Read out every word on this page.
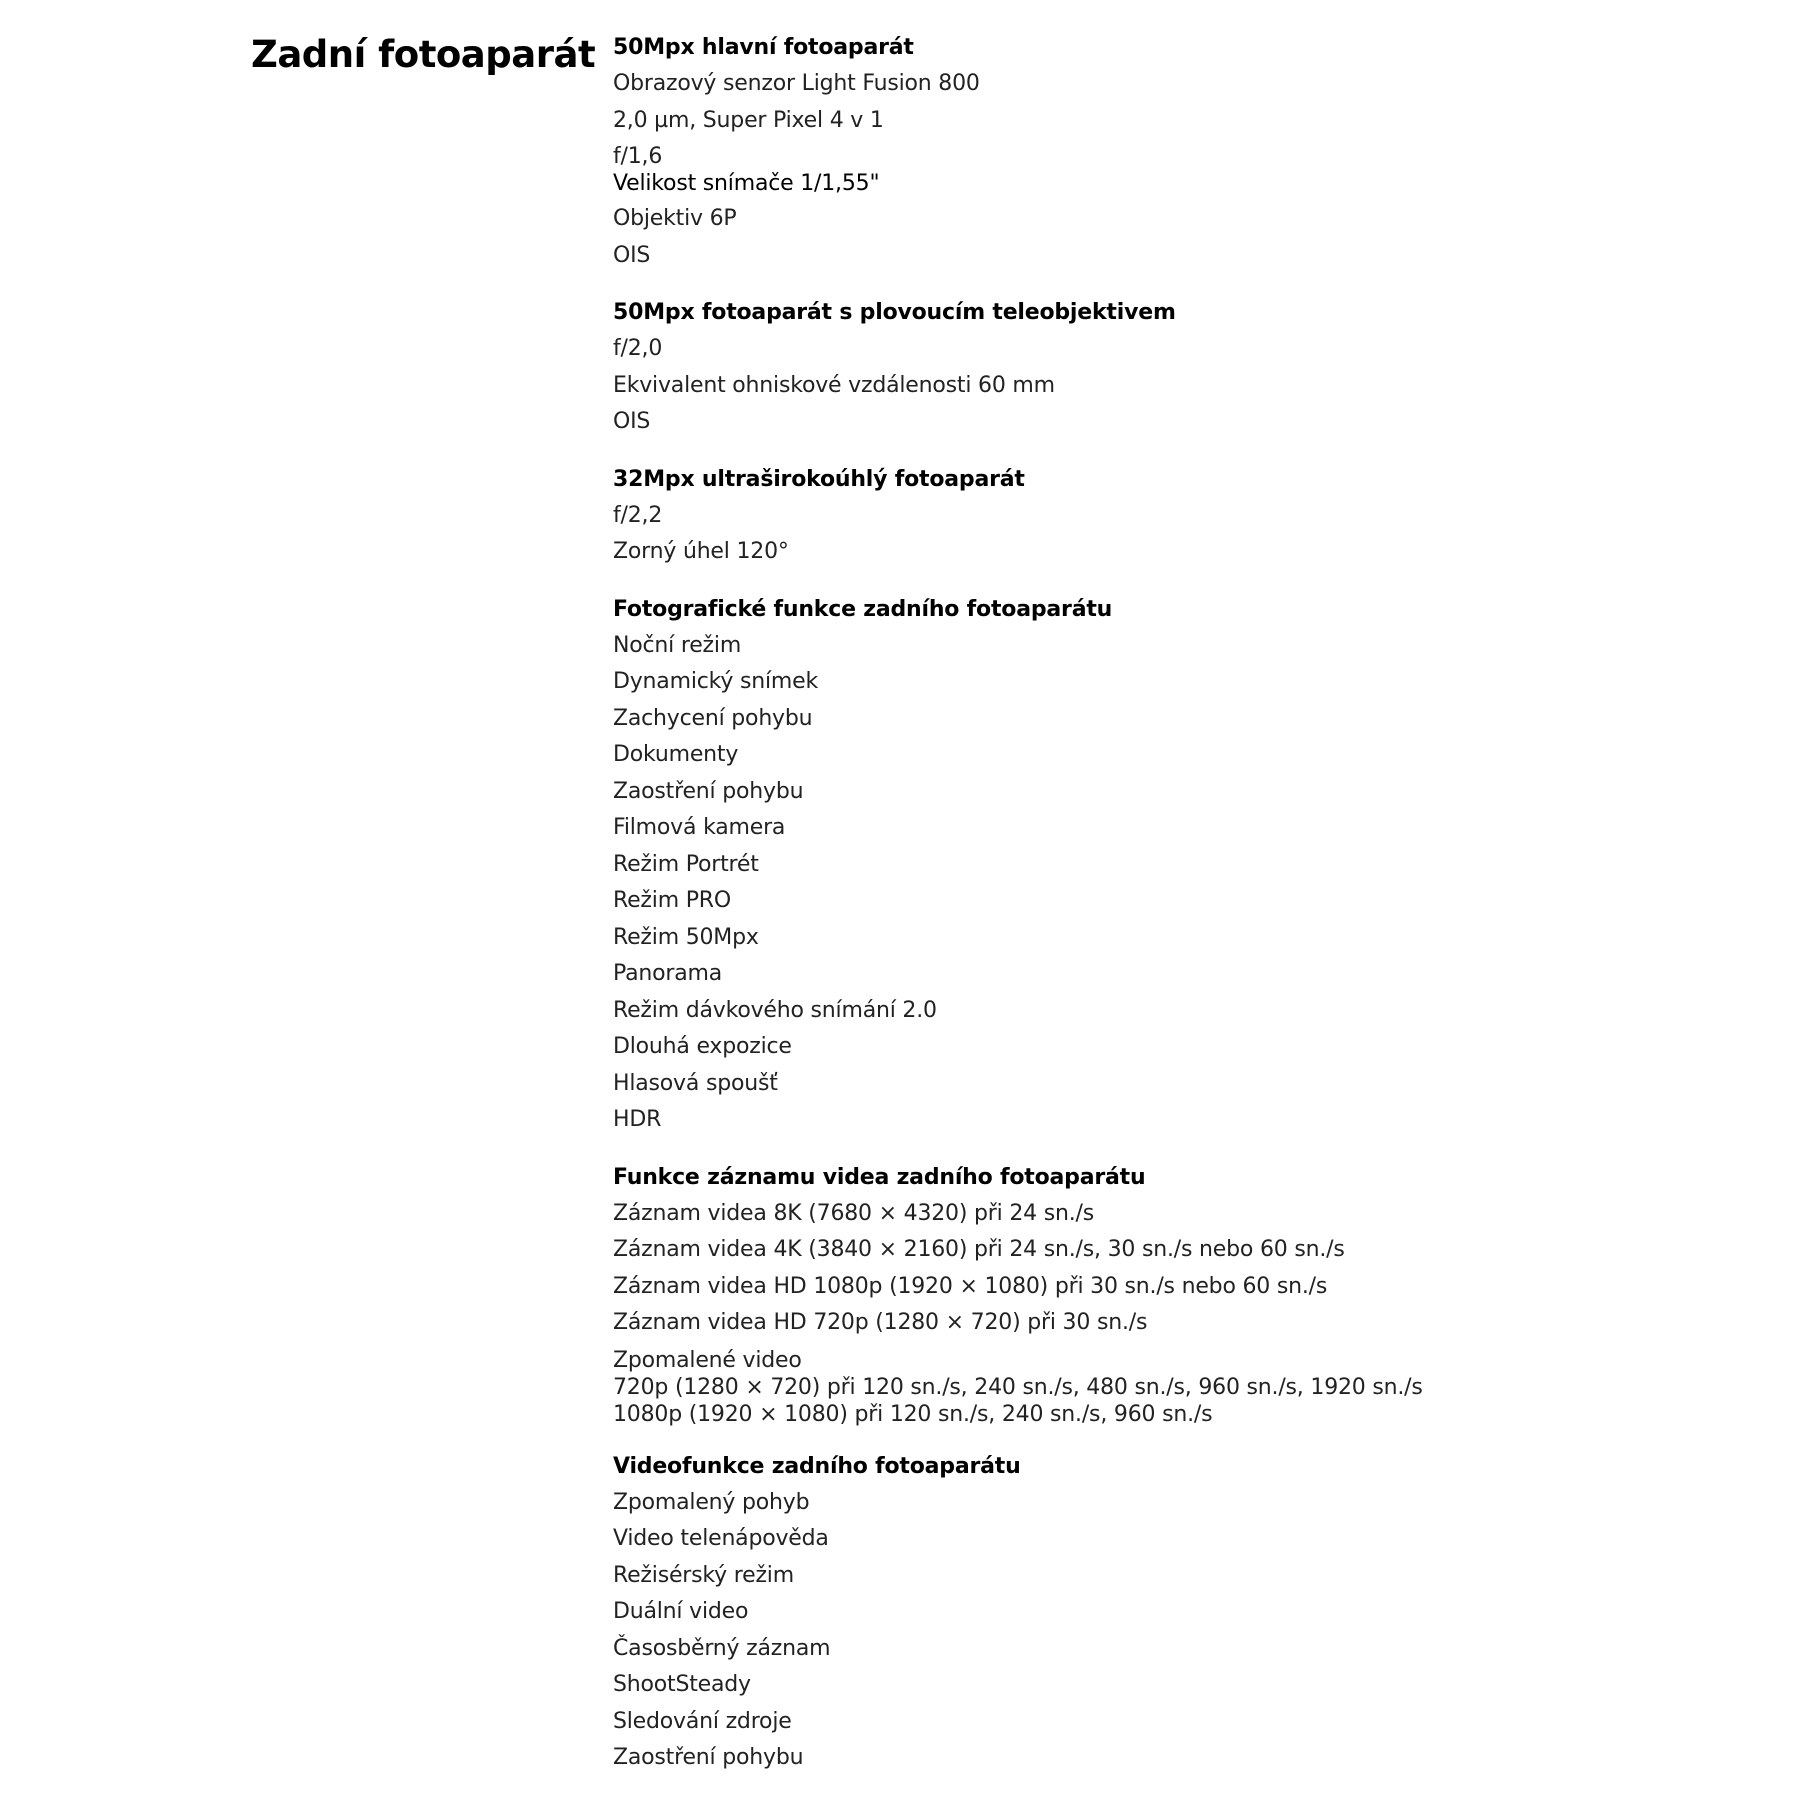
Zadní fotoaparát 50Mpx hlavní fotoaparát
Obrazový senzor Light Fusion 800
2,0 µm, Super Pixel 4 v 1
f/1,6
Velikost snímače 1/1,55"
Objektiv 6P
OIS
50Mpx fotoaparát s plovoucím teleobjektivem
f/2,0
Ekvivalent ohniskové vzdálenosti 60 mm
OIS
32Mpx ultraširokoúhlý fotoaparát
f/2,2
Zorný úhel 120°
Fotografické funkce zadního fotoaparátu
Noční režim
Dynamický snímek
Zachycení pohybu
Dokumenty
Zaostření pohybu
Filmová kamera
Režim Portrét
Režim PRO
Režim 50Mpx
Panorama
Režim dávkového snímání 2.0
Dlouhá expozice
Hlasová spoušť
HDR
Funkce záznamu videa zadního fotoaparátu
Záznam videa 8K (7680 × 4320) při 24 sn./s
Záznam videa 4K (3840 × 2160) při 24 sn./s, 30 sn./s nebo 60 sn./s
Záznam videa HD 1080p (1920 × 1080) při 30 sn./s nebo 60 sn./s
Záznam videa HD 720p (1280 × 720) při 30 sn./s
Zpomalené video
720p (1280 × 720) při 120 sn./s, 240 sn./s, 480 sn./s, 960 sn./s, 1920 sn./s
1080p (1920 × 1080) při 120 sn./s, 240 sn./s, 960 sn./s
Videofunkce zadního fotoaparátu
Zpomalený pohyb
Video telenápověda
Režisérský režim
Duální video
Časosběrný záznam
ShootSteady
Sledování zdroje
Zaostření pohybu
